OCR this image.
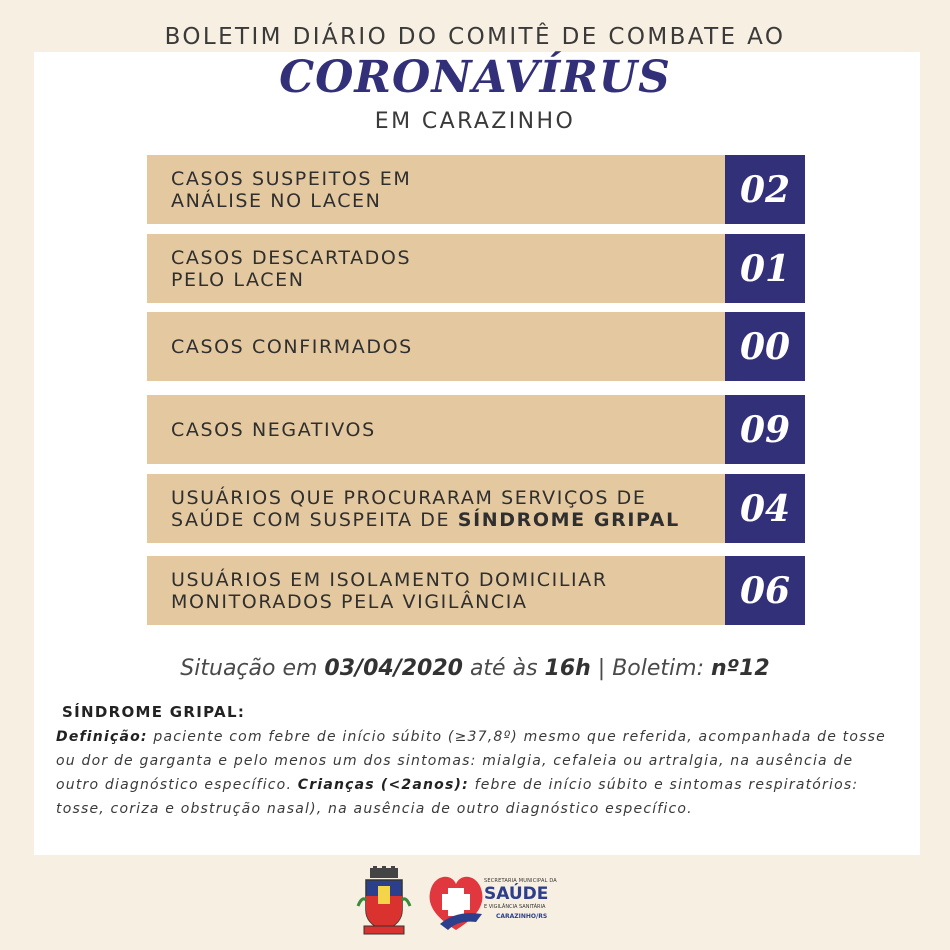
BOLETIM DIÁRIO DO COMITÊ DE COMBATE AO
CORONAVÍRUS
EM CARAZINHO
CASOS SUSPEITOS EM
ANÁLISE NO LACEN	02
CASOS DESCARTADOS
PELO LACEN	01
CASOS CONFIRMADOS	00
CASOS NEGATIVOS	09
USUÁRIOS QUE PROCURARAM SERVIÇOS DE
SAÚDE COM SUSPEITA DE SÍNDROME GRIPAL	04
USUÁRIOS EM ISOLAMENTO DOMICILIAR
MONITORADOS PELA VIGILÂNCIA	06
Situação em 03/04/2020 até às 16h | Boletim: nº12
SÍNDROME GRIPAL:
Definição: paciente com febre de início súbito (≥37,8º) mesmo que referida, acompanhada de tosse ou dor de garganta e pelo menos um dos sintomas: mialgia, cefaleia ou artralgia, na ausência de outro diagnóstico específico. Crianças (<2anos): febre de início súbito e sintomas respiratórios: tosse, coriza e obstrução nasal), na ausência de outro diagnóstico específico.
SECRETARIA MUNICIPAL DA
SAÚDE
E VIGILÂNCIA SANITÁRIA
CARAZINHO/RS
